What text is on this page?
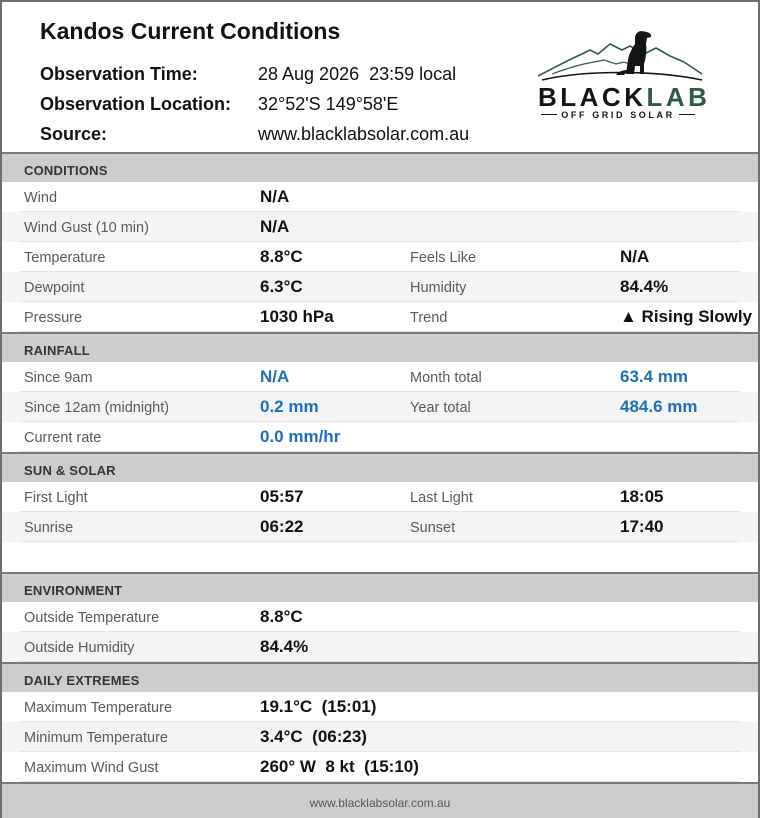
Kandos Current Conditions
Observation Time:	28 Aug 2026  23:59 local
Observation Location: 32°52'S 149°58'E
Source:	www.blacklabsolar.com.au
BLACKLAB
OFF GRID SOLAR
CONDITIONS
Wind	N/A
Wind Gust (10 min)	N/A
Temperature	8.8°C	Feels Like	N/A
Dewpoint	6.3°C	Humidity	84.4%
Pressure	1030 hPa	Trend	▲ Rising Slowly
RAINFALL
Since 9am	N/A	Month total	63.4 mm
Since 12am (midnight)	0.2 mm	Year total	484.6 mm
Current rate	0.0 mm/hr
SUN & SOLAR
First Light	05:57	Last Light	18:05
Sunrise	06:22	Sunset	17:40
ENVIRONMENT
Outside Temperature	8.8°C
Outside Humidity	84.4%
DAILY EXTREMES
Maximum Temperature	19.1°C  (15:01)
Minimum Temperature	3.4°C  (06:23)
Maximum Wind Gust	260° W  8 kt  (15:10)
www.blacklabsolar.com.au
